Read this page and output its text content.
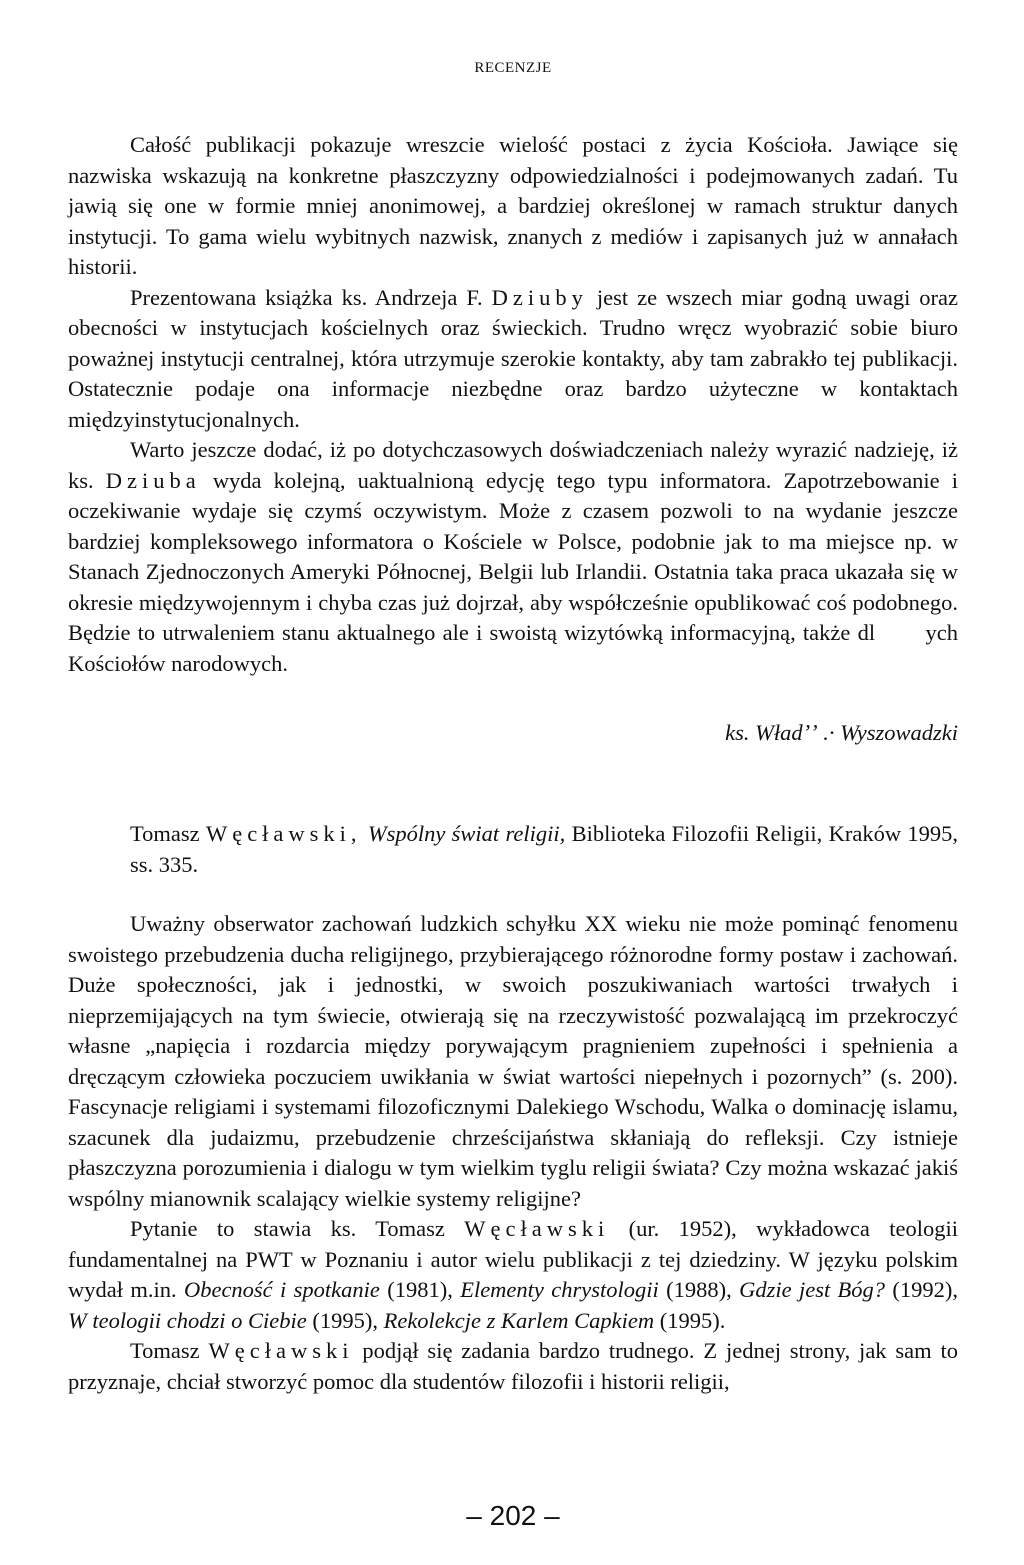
RECENZJE

Całość publikacji pokazuje wreszcie wielość postaci z życia Kościoła. Jawiące się nazwiska wskazują na konkretne płaszczyzny odpowiedzialności i podejmowanych zadań. Tu jawią się one w formie mniej anonimowej, a bardziej określonej w ramach struktur danych instytucji. To gama wielu wybitnych nazwisk, znanych z mediów i zapisanych już w annałach historii.

Prezentowana książka ks. Andrzeja F. Dziuby jest ze wszech miar godną uwagi oraz obecności w instytucjach kościelnych oraz świeckich. Trudno wręcz wyobrazić sobie biuro poważnej instytucji centralnej, która utrzymuje szerokie kontakty, aby tam zabrakło tej publikacji. Ostatecznie podaje ona informacje niezbędne oraz bardzo użyteczne w kontaktach międzyinstytucjonalnych.

Warto jeszcze dodać, iż po dotychczasowych doświadczeniach należy wyrazić nadzieję, iż ks. Dziuba wyda kolejną, uaktualnioną edycję tego typu informatora. Zapotrzebowanie i oczekiwanie wydaje się czymś oczywistym. Może z czasem pozwoli to na wydanie jeszcze bardziej kompleksowego informatora o Kościele w Polsce, podobnie jak to ma miejsce np. w Stanach Zjednoczonych Ameryki Północnej, Belgii lub Irlandii. Ostatnia taka praca ukazała się w okresie międzywojennym i chyba czas już dojrzał, aby współcześnie opublikować coś podobnego. Będzie to utrwaleniem stanu aktualnego ale i swoistą wizytówką informacyjną, także dl ych Kościołów narodowych.

ks. Władʼʼ .· Wyszowadzki
Tomasz Węcławski, Wspólny świat religii, Biblioteka Filozofii Religii, Kraków 1995, ss. 335.

Uważny obserwator zachowań ludzkich schyłku XX wieku nie może pominąć fenomenu swoistego przebudzenia ducha religijnego, przybierającego różnorodne formy postaw i zachowań. Duże społeczności, jak i jednostki, w swoich poszukiwaniach wartości trwałych i nieprzemijających na tym świecie, otwierają się na rzeczywistość pozwalającą im przekroczyć własne „napięcia i rozdarcia między porywającym pragnieniem zupełności i spełnienia a dręczącym człowieka poczuciem uwikłania w świat wartości niepełnych i pozornych” (s. 200). Fascynacje religiami i systemami filozoficznymi Dalekiego Wschodu, Walka o dominację islamu, szacunek dla judaizmu, przebudzenie chrześcijaństwa skłaniają do refleksji. Czy istnieje płaszczyzna porozumienia i dialogu w tym wielkim tyglu religii świata? Czy można wskazać jakiś wspólny mianownik scalający wielkie systemy religijne?

Pytanie to stawia ks. Tomasz Węcławski (ur. 1952), wykładowca teologii fundamentalnej na PWT w Poznaniu i autor wielu publikacji z tej dziedziny. W języku polskim wydał m.in. Obecność i spotkanie (1981), Elementy chrystologii (1988), Gdzie jest Bóg? (1992), W teologii chodzi o Ciebie (1995), Rekolekcje z Karlem Capkiem (1995).

Tomasz Węcławski podjął się zadania bardzo trudnego. Z jednej strony, jak sam to przyznaje, chciał stworzyć pomoc dla studentów filozofii i historii religii,

– 202 –
